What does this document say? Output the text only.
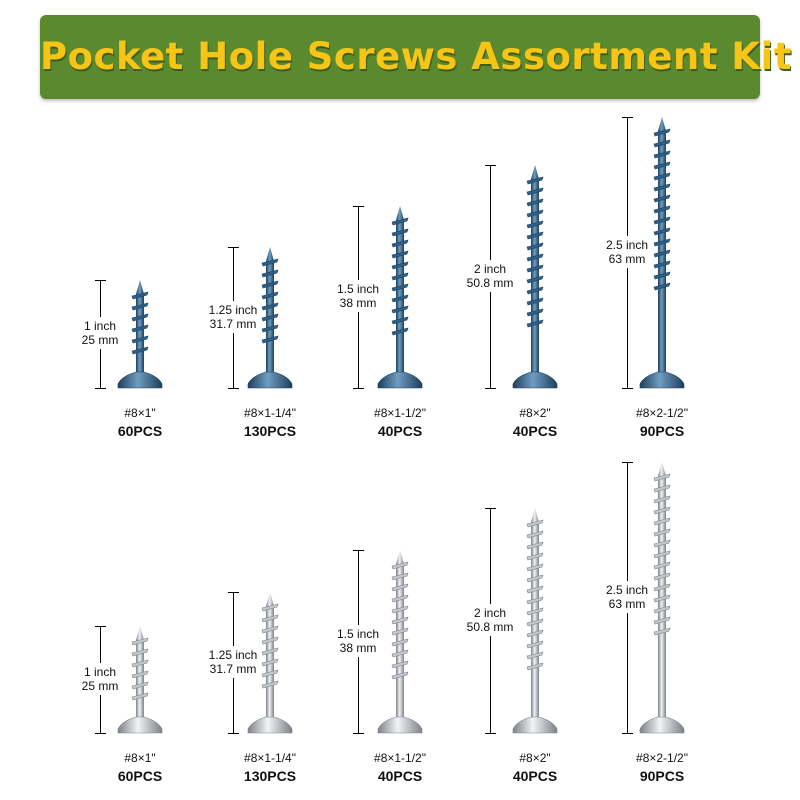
Pocket Hole Screws Assortment Kit
1 inch
25 mm
#8×1"
60PCS
1.25 inch
31.7 mm
#8×1-1/4"
130PCS
1.5 inch
38 mm
#8×1-1/2"
40PCS
2 inch
50.8 mm
#8×2"
40PCS
2.5 inch
63 mm
#8×2-1/2"
90PCS
1 inch
25 mm
#8×1"
60PCS
1.25 inch
31.7 mm
#8×1-1/4"
130PCS
1.5 inch
38 mm
#8×1-1/2"
40PCS
2 inch
50.8 mm
#8×2"
40PCS
2.5 inch
63 mm
#8×2-1/2"
90PCS
